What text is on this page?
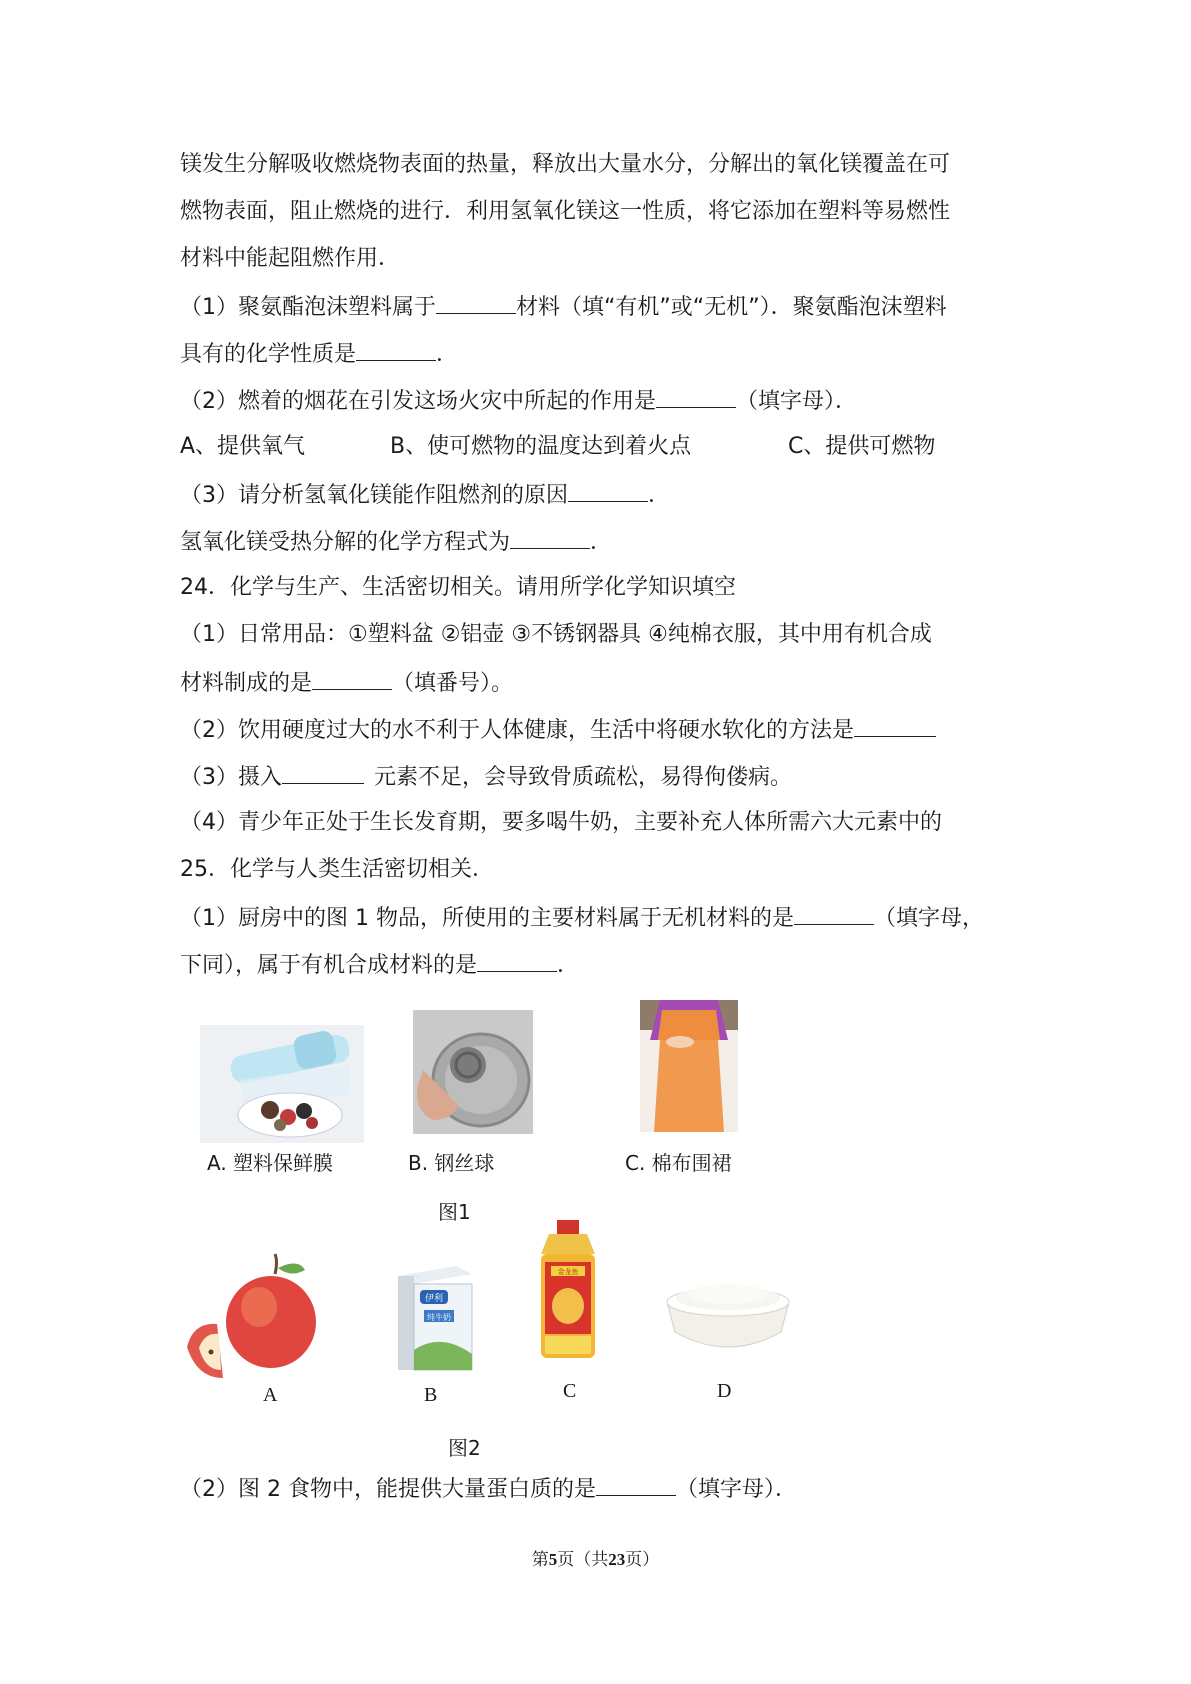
镁发生分解吸收燃烧物表面的热量，释放出大量水分，分解出的氧化镁覆盖在可
燃物表面，阻止燃烧的进行．利用氢氧化镁这一性质，将它添加在塑料等易燃性
材料中能起阻燃作用．
（1）聚氨酯泡沫塑料属于	材料（填“有机”或“无机”）．聚氨酯泡沫塑料
具有的化学性质是	．
（2）燃着的烟花在引发这场火灾中所起的作用是	（填字母）．
A、提供氧气	B、使可燃物的温度达到着火点	C、提供可燃物
（3）请分析氢氧化镁能作阻燃剂的原因	．
氢氧化镁受热分解的化学方程式为	．
24．化学与生产、生活密切相关。请用所学化学知识填空
（1）日常用品：①塑料盆 ②铝壶 ③不锈钢器具 ④纯棉衣服，其中用有机合成
材料制成的是	（填番号）。
（2）饮用硬度过大的水不利于人体健康，生活中将硬水软化的方法是
（3）摄入	元素不足，会导致骨质疏松，易得佝偻病。
（4）青少年正处于生长发育期，要多喝牛奶，主要补充人体所需六大元素中的
25．化学与人类生活密切相关．
（1）厨房中的图 1 物品，所使用的主要材料属于无机材料的是	（填字母，
下同），属于有机合成材料的是	．
A. 塑料保鲜膜	B. 钢丝球	C. 棉布围裙
图1
伊利
纯牛奶
金龙鱼
A	B	C	D
图2
（2）图 2 食物中，能提供大量蛋白质的是	（填字母）．
第5页（共23页）
